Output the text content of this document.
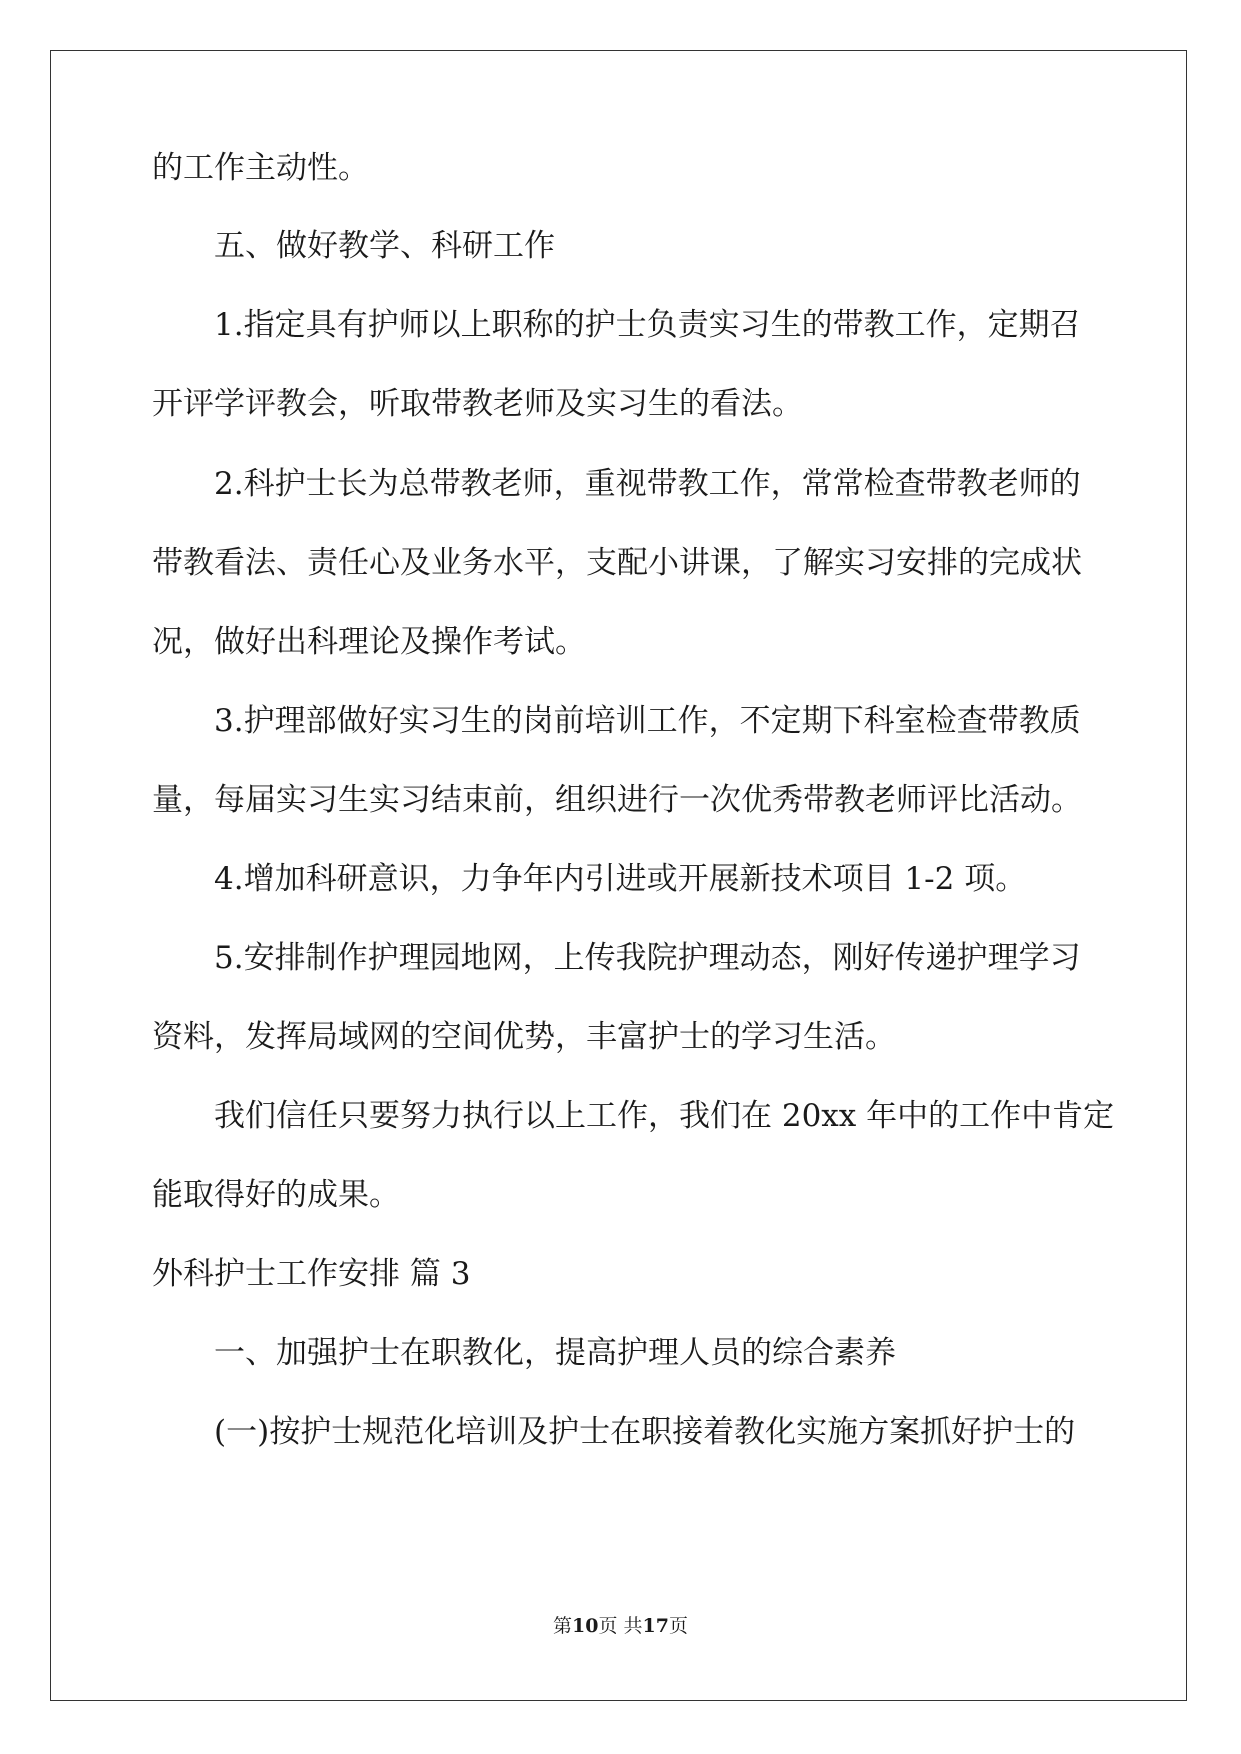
的工作主动性。
五、做好教学、科研工作
1.指定具有护师以上职称的护士负责实习生的带教工作，定期召
开评学评教会，听取带教老师及实习生的看法。
2.科护士长为总带教老师，重视带教工作，常常检查带教老师的
带教看法、责任心及业务水平，支配小讲课，了解实习安排的完成状
况，做好出科理论及操作考试。
3.护理部做好实习生的岗前培训工作，不定期下科室检查带教质
量，每届实习生实习结束前，组织进行一次优秀带教老师评比活动。
4.增加科研意识，力争年内引进或开展新技术项目 1-2 项。
5.安排制作护理园地网，上传我院护理动态，刚好传递护理学习
资料，发挥局域网的空间优势，丰富护士的学习生活。
我们信任只要努力执行以上工作，我们在 20xx 年中的工作中肯定
能取得好的成果。
外科护士工作安排 篇 3
一、加强护士在职教化，提高护理人员的综合素养
(一)按护士规范化培训及护士在职接着教化实施方案抓好护士的
第10页 共17页
